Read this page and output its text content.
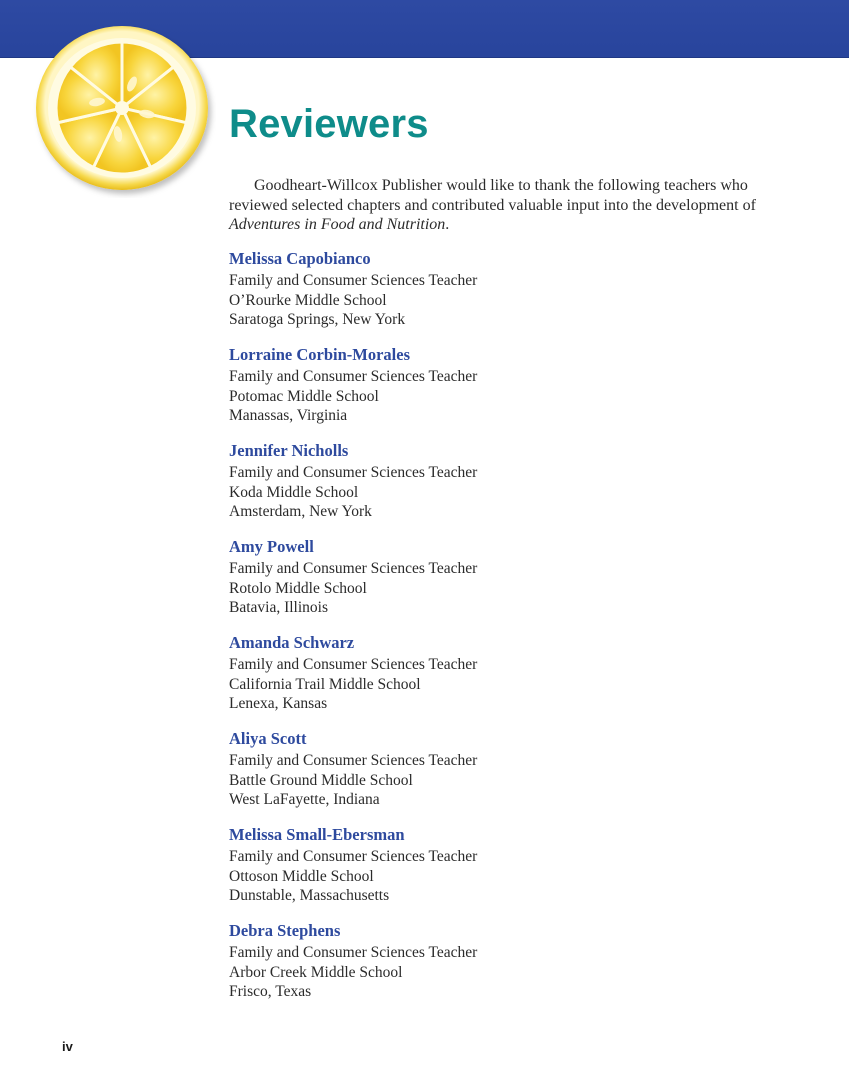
Reviewers

Goodheart-Willcox Publisher would like to thank the following teachers who reviewed selected chapters and contributed valuable input into the development of Adventures in Food and Nutrition.

Melissa Capobianco
Family and Consumer Sciences Teacher
O’Rourke Middle School
Saratoga Springs, New York
Lorraine Corbin-Morales
Family and Consumer Sciences Teacher
Potomac Middle School
Manassas, Virginia
Jennifer Nicholls
Family and Consumer Sciences Teacher
Koda Middle School
Amsterdam, New York
Amy Powell
Family and Consumer Sciences Teacher
Rotolo Middle School
Batavia, Illinois
Amanda Schwarz
Family and Consumer Sciences Teacher
California Trail Middle School
Lenexa, Kansas
Aliya Scott
Family and Consumer Sciences Teacher
Battle Ground Middle School
West LaFayette, Indiana
Melissa Small-Ebersman
Family and Consumer Sciences Teacher
Ottoson Middle School
Dunstable, Massachusetts
Debra Stephens
Family and Consumer Sciences Teacher
Arbor Creek Middle School
Frisco, Texas
iv
